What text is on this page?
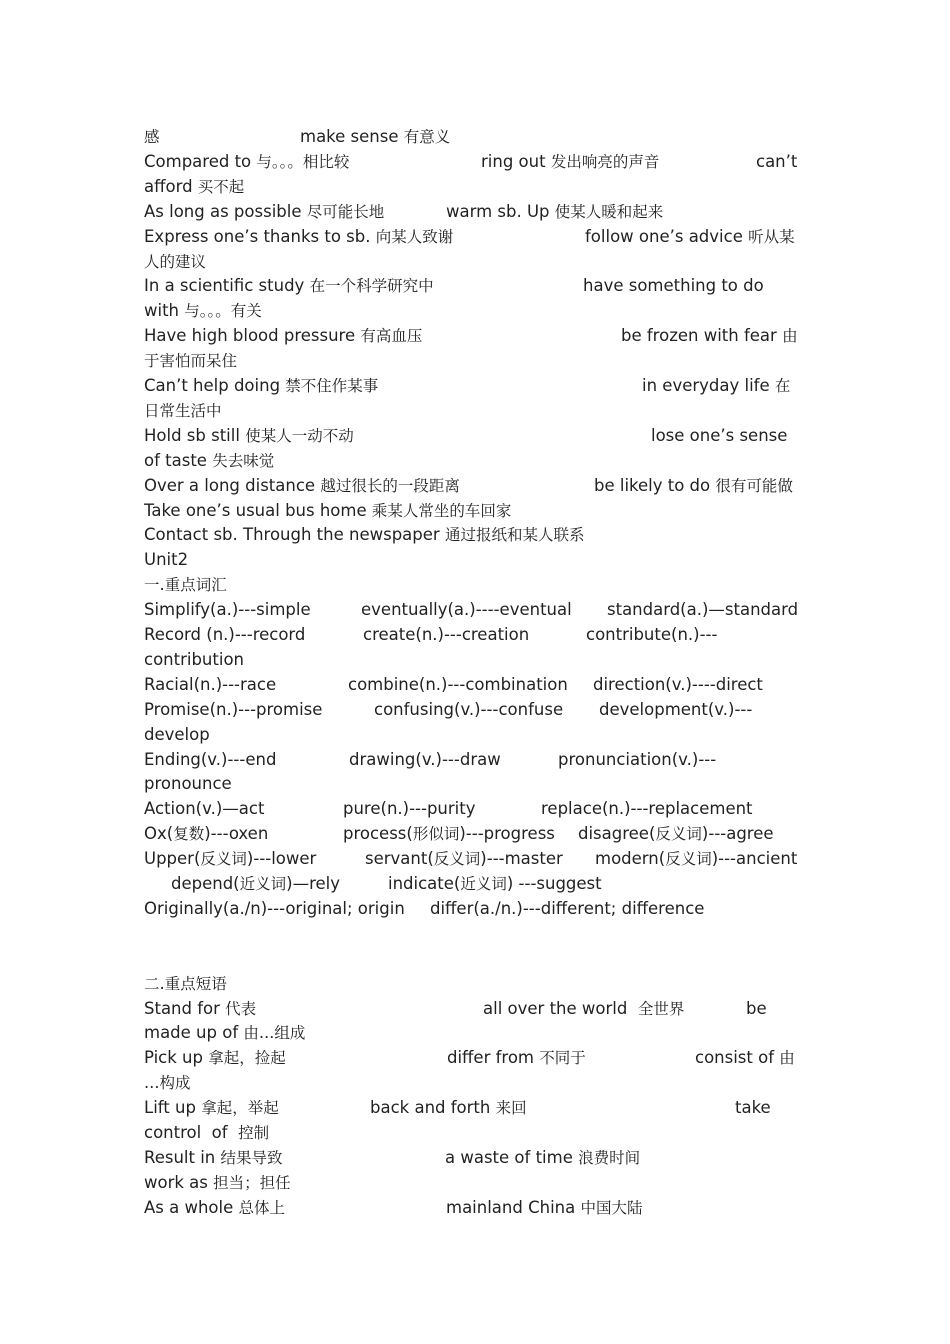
感	make sense 有意义
Compared to 与。。。相比较	ring out 发出响亮的声音	can’t
afford 买不起
As long as possible 尽可能长地	warm sb. Up 使某人暖和起来
Express one’s thanks to sb. 向某人致谢	follow one’s advice 听从某
人的建议
In a scientific study 在一个科学研究中	have something to do
with 与。。。有关
Have high blood pressure 有高血压	be frozen with fear 由
于害怕而呆住
Can’t help doing 禁不住作某事	in everyday life 在
日常生活中
Hold sb still 使某人一动不动	lose one’s sense
of taste 失去味觉
Over a long distance 越过很长的一段距离	be likely to do 很有可能做
Take one’s usual bus home 乘某人常坐的车回家
Contact sb. Through the newspaper 通过报纸和某人联系
Unit2
一.重点词汇
Simplify(a.)---simple	eventually(a.)----eventual standard(a.)—standard
Record (n.)---record	create(n.)---creation	contribute(n.)---
contribution
Racial(n.)---race	combine(n.)---combination direction(v.)----direct
Promise(n.)---promise	confusing(v.)---confuse development(v.)---
develop
Ending(v.)---end	drawing(v.)---draw	pronunciation(v.)---
pronounce
Action(v.)—act	pure(n.)---purity	replace(n.)---replacement
Ox(复数)---oxen	process(形似词)---progress disagree(反义词)---agree
Upper(反义词)---lower	servant(反义词)---master modern(反义词)---ancient
depend(近义词)—rely	indicate(近义词) ---suggest
Originally(a./n)---original; origin differ(a./n.)---different; difference
二.重点短语
Stand for 代表	all over the world  全世界	be
made up of 由…组成
Pick up 拿起，捡起	differ from 不同于	consist of 由
…构成
Lift up 拿起，举起	back and forth 来回	take
control  of  控制
Result in 结果导致	a waste of time 浪费时间
work as 担当；担任
As a whole 总体上	mainland China 中国大陆
